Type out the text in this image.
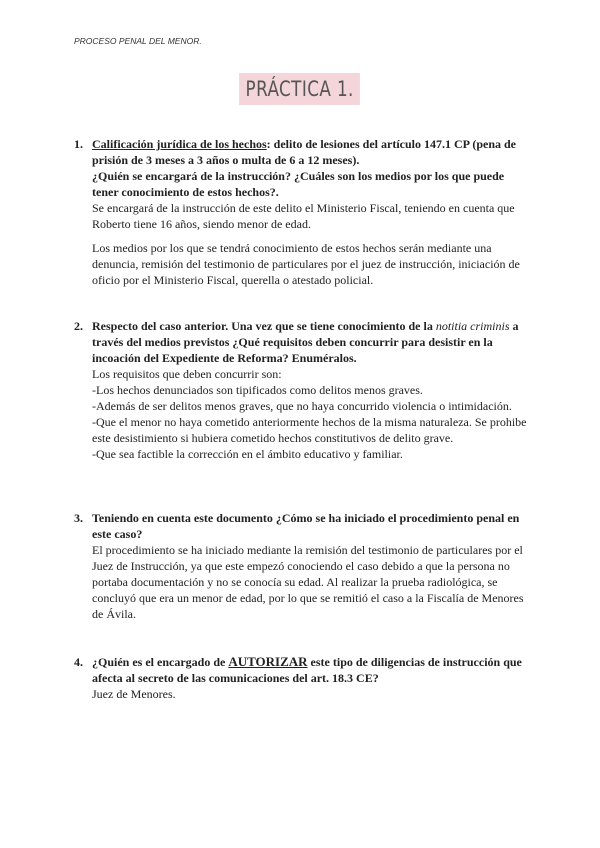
PROCESO PENAL DEL MENOR.
PRÁCTICA 1.
1. Calificación jurídica de los hechos: delito de lesiones del artículo 147.1 CP (pena de prisión de 3 meses a 3 años o multa de 6 a 12 meses).
¿Quién se encargará de la instrucción? ¿Cuáles son los medios por los que puede tener conocimiento de estos hechos?.
Se encargará de la instrucción de este delito el Ministerio Fiscal, teniendo en cuenta que Roberto tiene 16 años, siendo menor de edad.
Los medios por los que se tendrá conocimiento de estos hechos serán mediante una denuncia, remisión del testimonio de particulares por el juez de instrucción, iniciación de oficio por el Ministerio Fiscal, querella o atestado policial.
2. Respecto del caso anterior. Una vez que se tiene conocimiento de la notitia criminis a través del medios previstos ¿Qué requisitos deben concurrir para desistir en la incoación del Expediente de Reforma? Enuméralos.
Los requisitos que deben concurrir son:
-Los hechos denunciados son tipificados como delitos menos graves.
-Además de ser delitos menos graves, que no haya concurrido violencia o intimidación.
-Que el menor no haya cometido anteriormente hechos de la misma naturaleza. Se prohibe este desistimiento si hubiera cometido hechos constitutivos de delito grave.
-Que sea factible la corrección en el ámbito educativo y familiar.
3. Teniendo en cuenta este documento ¿Cómo se ha iniciado el procedimiento penal en este caso?
El procedimiento se ha iniciado mediante la remisión del testimonio de particulares por el Juez de Instrucción, ya que este empezó conociendo el caso debido a que la persona no portaba documentación y no se conocía su edad. Al realizar la prueba radiológica, se concluyó que era un menor de edad, por lo que se remitió el caso a la Fiscalía de Menores de Ávila.
4. ¿Quién es el encargado de AUTORIZAR este tipo de diligencias de instrucción que afecta al secreto de las comunicaciones del art. 18.3 CE?
Juez de Menores.
